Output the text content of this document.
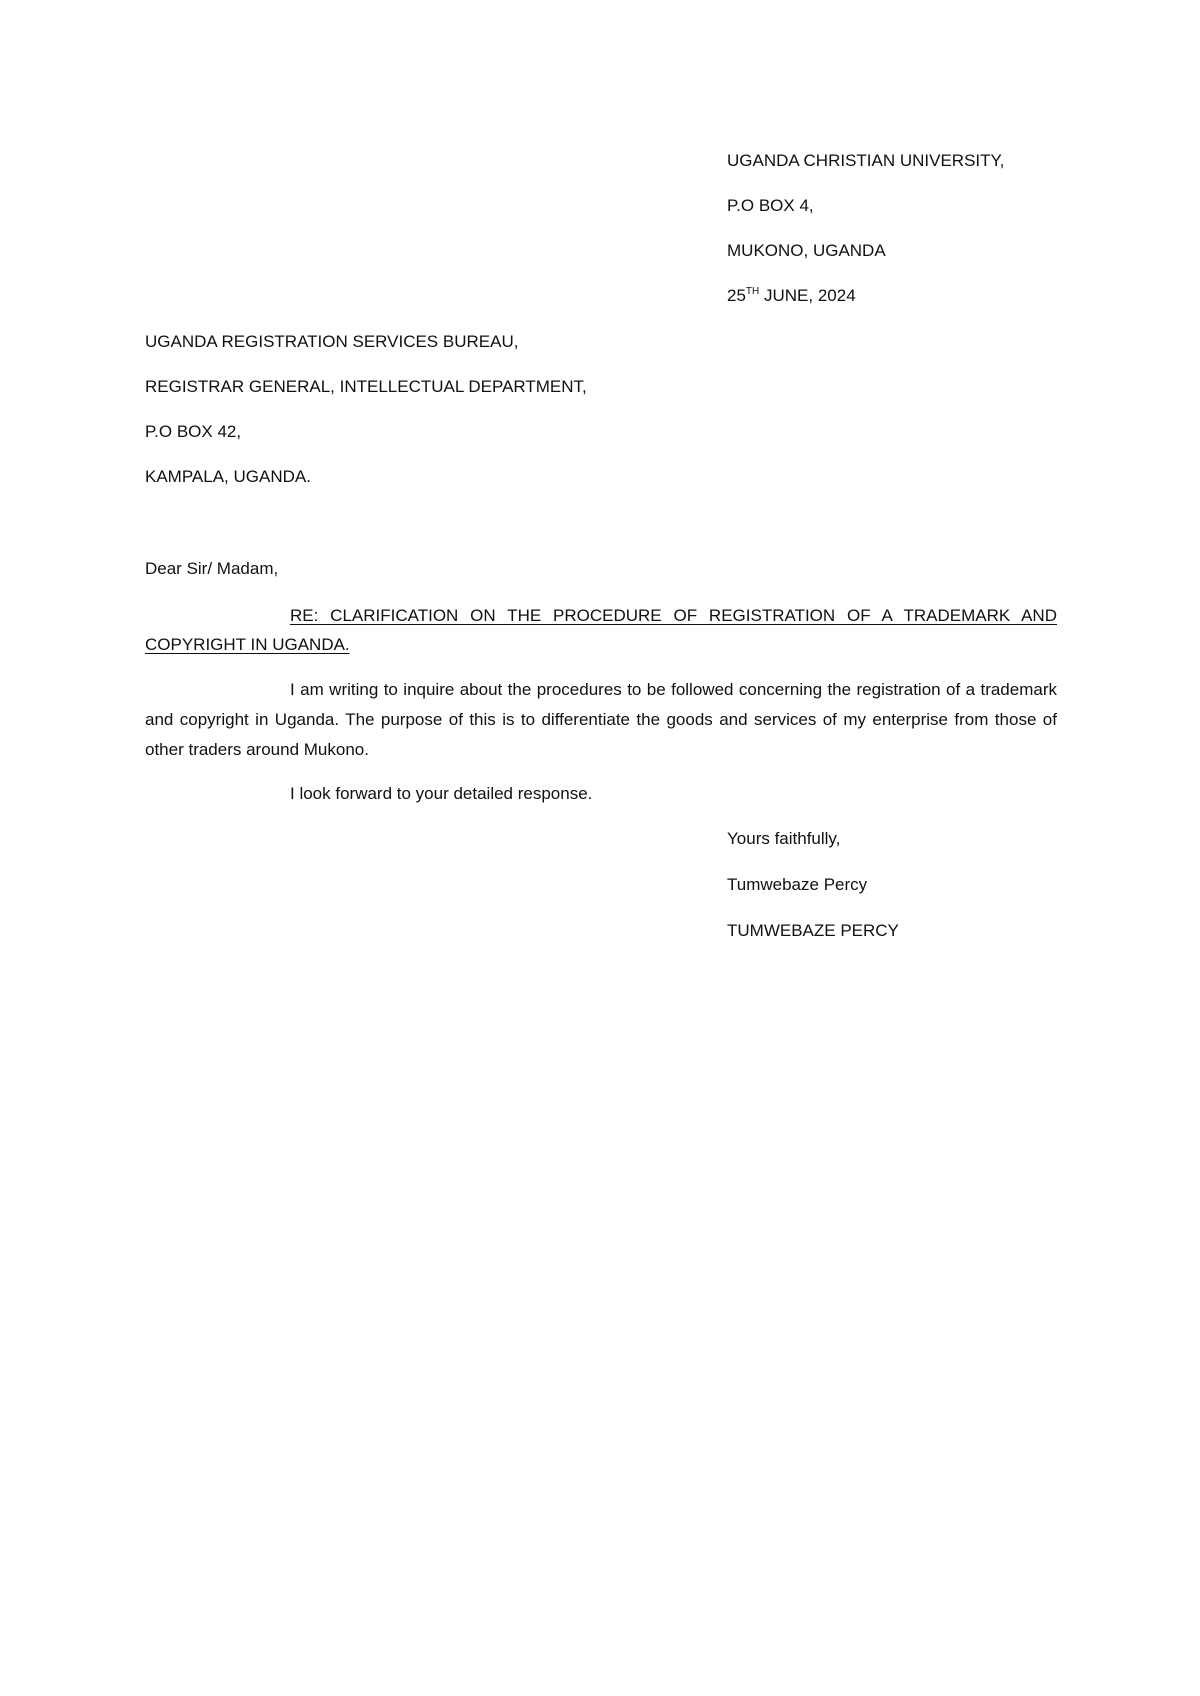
UGANDA CHRISTIAN UNIVERSITY,
P.O BOX 4,
MUKONO, UGANDA
25TH JUNE, 2024
UGANDA REGISTRATION SERVICES BUREAU,
REGISTRAR GENERAL, INTELLECTUAL DEPARTMENT,
P.O BOX 42,
KAMPALA, UGANDA.
Dear Sir/ Madam,
RE: CLARIFICATION ON THE PROCEDURE OF REGISTRATION OF A TRADEMARK AND COPYRIGHT IN UGANDA.
I am writing to inquire about the procedures to be followed concerning the registration of a trademark and copyright in Uganda. The purpose of this is to differentiate the goods and services of my enterprise from those of other traders around Mukono.
I look forward to your detailed response.
Yours faithfully,
Tumwebaze Percy
TUMWEBAZE PERCY
